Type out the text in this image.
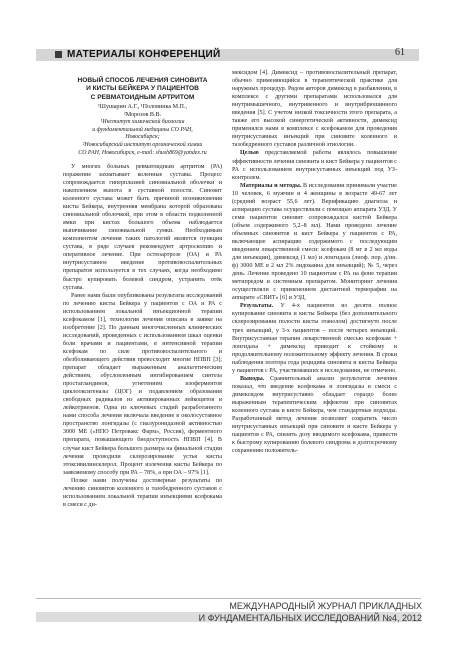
МАТЕРИАЛЫ КОНФЕРЕНЦИЙ	61
НОВЫЙ СПОСОБ ЛЕЧЕНИЯ СИНОВИТА
И КИСТЫ БЕЙКЕРА У ПАЦИЕНТОВ
С РЕВМАТОИДНЫМ АРТРИТОМ
¹Шушарин А.Г., ¹Половинка М.П.,
²Морозов В.В.
¹Институт химической биологии
и фундаментальной медицины СО РАН,
Новосибирск;
²Новосибирский институт органической химии
СО РАН, Новосибирск, e-mail: shush869@yandex.ru

У многих больных ревматоидным артритом (РА) поражение захватывает коленные суставы. Процесс сопровождается гиперплазией синовиальной оболочки и накоплением выпота в суставной полости. Синовит коленного сустава может быть причиной возникновения кисты Бейкера, внутренняя мембрана которой образована синовиальной оболочкой, при этом в области подколенной ямки при кистах большого объема наблюдается выпячивание синовиальной сумки. Необходимым компонентом лечения таких патологий является пункция сустава, в ряде случаев рекомендуют артроскопию и оперативное лечение. При остеоартрозе (ОА) и РА внутрисуставное введение противовоспалительных препаратов используется в тех случаях, когда необходимо быстро купировать болевой синдром, устранить отёк сустава.

Ранее нами были опубликованы результаты исследований по лечению кисты Бейкера у пациентов с ОА и РА с использованием локальной инъекционной терапии ксефокамом [1], технология лечения описана в заявке на изобретение [2]. По данным многочисленных клинических исследований, проведенных с использованием шкал оценки боли врачами и пациентами, в интенсивной терапии ксефокам по силе противовоспалительного и обезболивающего действия превосходит многие НПВП [3]; препарат обладает выраженным анальгетическим действием, обусловленным ингибированием синтеза простагландинов, угнетением изоферментов циклооксигеназы (ЦОГ) и подавлением образования свободных радикалов из активированных лейкоцитов и лейкотриенов. Одна из ключевых стадий разработанного нами способа лечения включала введение в околосуставное пространство лонгидазы (с гиалуронидазной активностью 3000 МЕ («НПО Петровакс Фарм», Россия), ферментного препарата, повышающего биодоступность НПВП [4]. В случае кист Бейкера большого размера на финальной стадии лечения проводили склерозирование устья кисты этоксивилинсклерол. Процент излечения кисты Бейкера по заявляемому способу при РА – 78%, а при ОА – 97% [1].

Позже нами получены достоверные результаты по лечению синовитов коленного и тазобедренного суставов с использованием локальной терапии инъекциями ксефокама в смеси с ди-

мексидом [4]. Димексид – противовоспалительный препарат, обычно применяющийся в терапевтической практике для наружных процедур. Рядом авторов димексид в разбавлении, в комплексе с другими препаратами использовался для внутримышечного, внутривенного и внутрибрюшинного введения [5]. С учетом низкой токсичности этого препарата, а также его высокой синергетической активности, димексид применялся нами в комплексе с ксефокамом для проведения внутрисуставных инъекций при синовите коленного и тазобедренного суставов различной этиологии.

Целью представляемой работы являлось повышение эффективности лечения синовита и кист Бейкера у пациентов с РА с использованием внутрисуставных инъекций под УЗ-контролем.

Материалы и методы. В исследовании принимали участие 10 человек, 6 мужчин и 4 женщины в возрасте 49-67 лет (средний возраст 55,6 лет). Верификацию диагноза и аспирацию сустава осуществляли с помощью аппарата УЗД. У семи пациентов синовит сопровождался кистой Бейкера (объем содержимого 5,2–8 мл). Нами проведено лечение объемных синовитов и кист Бейкера у пациентов с РА, включающее аспирацию содержимого с последующим введением лекарственной смеси: ксефокам (8 мг в 2 мл воды для инъекции), димексид (1 мл) и лонгидаза (лиоф. пор. д/ин. ф) 3000 МЕ в 2 мл 2% лидокаина для инъекций); № 5, через день. Лечение проведено 10 пациентам с РА на фоне терапии метипредом и системным препаратом. Мониторинг лечения осуществляли с применением дистантной терморафии на аппарате «СВИТ» [6] и УЗД.

Результаты. У 4-х пациентов из десяти полное купирование синовита и кисты Бейкера (без дополнительного склерозирования полости кисты этанолом) достигнуто после трех инъекций, у 3-х пациентов – после четырех инъекций. Внутрисуставная терапия лекарственной смесью ксефокам + лонгидаза + димексид приводит к стойкому и продолжительному положительному эффекту лечения. В сроки наблюдения полтора года рецидива синовита и кисты Бейкера у пациентов с РА, участвовавших в исследовании, не отмечено.

Выводы. Сравнительный анализ результатов лечения показал, что введение ксефокама и лонгидазы в смеси с димексидом внутрисуставно обладает гораздо более выраженным терапевтическим эффектом при синовитах коленного сустава и кисте Бейкера, чем стандартные подходы. Разработанный метод лечения позволяет сократить число внутрисуставных инъекций при синовите и кисте Бейкера у пациентов с РА, снизить дозу вводимого ксефокама, привести к быстрому купированию болевого синдрома и долгосрочному сохранению положитель-

МЕЖДУНАРОДНЫЙ ЖУРНАЛ ПРИКЛАДНЫХ
И ФУНДАМЕНТАЛЬНЫХ ИССЛЕДОВАНИЙ №4, 2012
